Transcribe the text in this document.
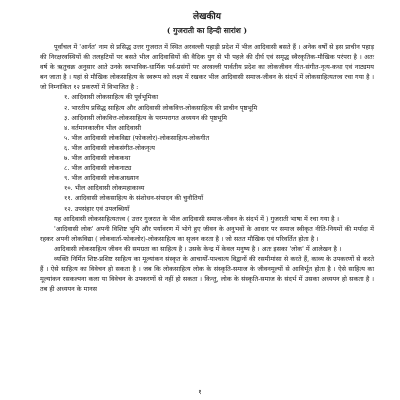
लेखकीय
( गुजराती का हिन्दी सारांश )

पूर्वांचल में 'आर्नत' नाम से प्रसिद्ध उत्तर गुजरात में स्थित अरवल्ली पहाड़ी प्रदेश में भील आदिवासी बसते हैं । अनेक वर्षों से इस प्राचीन पहाड़ की निरक्षरवस्थियों की तलहटियों पर बसते भील आदिवासियों की वैदिक युग से भी पहले की दीर्घ एवं समृद्ध स्वैरकृतिक-मौखिक परंपरा है । अतः वर्ष के ऋतुचक्र अनुसार आते उनके स्वभाविक-धार्मिक पर्व-प्रसंगों पर अरवल्ली पार्वतीय प्रदेश का लोकजीवन गीत-संगीत-नृत्य-कथा एवं नाट्यमय बन जाता है । यहां से मौखिक लोकसाहित्य के स्वरूप को लक्ष्य में रखकर भील आदिवासी समाज-जीवन के संदर्भ में लोकसाहित्यतत्त्व रचा गया है । जो निम्नांकित १२ प्रकरणों में विभाजित है :

१. आदिवासी लोकसाहित्य की पूर्वभूमिका
२. भारतीय प्रसिद्ध साहित्य और आदिवासी लोकवित्त-लोकसाहित्य की प्राचीन पृष्ठभूमि
३. आदिवासी लोकवित्त-लोकसाहित्य के परम्परागत अध्ययन की पृष्ठभूमि
४. वर्तमानकालीन भील आदिवासी
५. भील आदिवासी लोकविद्या (फोकलोर)-लोकसाहित्य-लोकगीत
६. भील आदिवासी लोकसंगीत-लोकनृत्य
७. भील आदिवासी लोककथा
८. भील आदिवासी लोकनाट्य
९. भील आदिवासी लोकआख्यान
१०. भील आदिवासी लोकमहाकाव्य
११. आदिवासी लोकसाहित्य के संशोधन-संपादन की चुनौतियाँ
१२. उपसंहार एवं उपलब्धियाँ

यह आदिवासी लोकसाहित्यतत्त्व ( उत्तर गुजरात के भील आदिवासी समाज-जीवन के संदर्भ में ) गुजराती भाषा में रचा गया है ।

'आदिवासी लोक' अपनी विशिष्ट भूमि और पर्यावरण में भोगे हुए जीवन के अनुभवों के आधार पर समाज स्वीकृत नीति-नियमों की मर्यादा में रहकर अपनी लोकविद्या ( लोकवार्ता-फोकलोर)-लोकसाहित्य का सृजन करता है । जो सतत मौखिक एवं परिवर्तित होता है ।

आदिवासी लोकसाहित्य जीवन की समग्रता का साहित्य है । उसके केन्द्र में केवल मनुष्य है । अतः इसका 'लोक' में आलेखन है ।

व्यक्ति निर्मित शिष्ट-प्रशिष्ट साहित्य का मूल्यांकन संस्कृत के आचार्यों-पाश्चात्य विद्वानों की रसमीमांसा से करते हैं, काव्य के उपकरणों से करते हैं । ऐसे साहित्य का विवेचन हो सकता है । जब कि लोकसाहित्य लोक के संस्कृति-समाज के जीवनमूल्यों से आविर्भूत होता है । ऐसे साहित्य का मूल्यांकन रसकल्पना कला या विवेचन के उपकरणों से नहीं हो सकता । किन्तु, लोक के संस्कृति-समाज के संदर्भ में उसका अध्ययन हो सकता है । तब ही अध्ययन के मानस

१
